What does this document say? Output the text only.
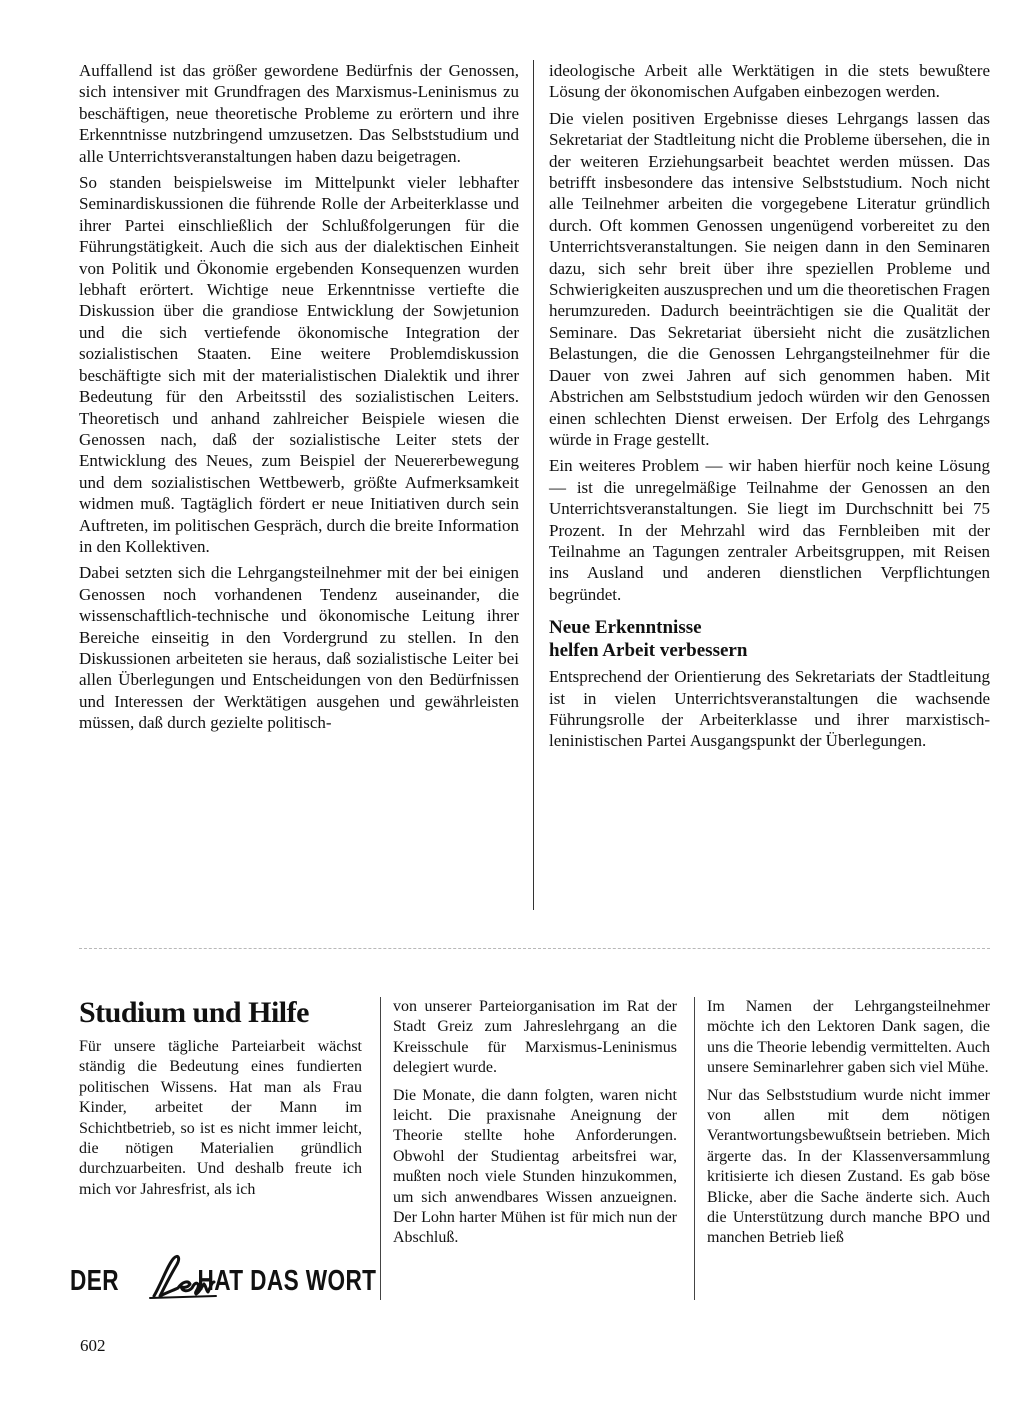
Auffallend ist das größer gewordene Bedürfnis der Genossen, sich intensiver mit Grundfragen des Marxismus-Leninismus zu beschäftigen, neue theoretische Probleme zu erörtern und ihre Erkenntnisse nutzbringend umzusetzen. Das Selbststudium und alle Unterrichtsveranstaltungen haben dazu beigetragen.

So standen beispielsweise im Mittelpunkt vieler lebhafter Seminardiskussionen die führende Rolle der Arbeiterklasse und ihrer Partei einschließlich der Schlußfolgerungen für die Führungstätigkeit. Auch die sich aus der dialektischen Einheit von Politik und Ökonomie ergebenden Konsequenzen wurden lebhaft erörtert. Wichtige neue Erkenntnisse vertiefte die Diskussion über die grandiose Entwicklung der Sowjetunion und die sich vertiefende ökonomische Integration der sozialistischen Staaten. Eine weitere Problemdiskussion beschäftigte sich mit der materialistischen Dialektik und ihrer Bedeutung für den Arbeitsstil des sozialistischen Leiters. Theoretisch und anhand zahlreicher Beispiele wiesen die Genossen nach, daß der sozialistische Leiter stets der Entwicklung des Neues, zum Beispiel der Neuererbewegung und dem sozialistischen Wettbewerb, größte Aufmerksamkeit widmen muß. Tagtäglich fördert er neue Initiativen durch sein Auftreten, im politischen Gespräch, durch die breite Information in den Kollektiven.

Dabei setzten sich die Lehrgangsteilnehmer mit der bei einigen Genossen noch vorhandenen Tendenz auseinander, die wissenschaftlich-technische und ökonomische Leitung ihrer Bereiche einseitig in den Vordergrund zu stellen. In den Diskussionen arbeiteten sie heraus, daß sozialistische Leiter bei allen Überlegungen und Entscheidungen von den Bedürfnissen und Interessen der Werktätigen ausgehen und gewährleisten müssen, daß durch gezielte politisch-

ideologische Arbeit alle Werktätigen in die stets bewußtere Lösung der ökonomischen Aufgaben einbezogen werden.

Die vielen positiven Ergebnisse dieses Lehrgangs lassen das Sekretariat der Stadtleitung nicht die Probleme übersehen, die in der weiteren Erziehungsarbeit beachtet werden müssen. Das betrifft insbesondere das intensive Selbststudium. Noch nicht alle Teilnehmer arbeiten die vorgegebene Literatur gründlich durch. Oft kommen Genossen ungenügend vorbereitet zu den Unterrichtsveranstaltungen. Sie neigen dann in den Seminaren dazu, sich sehr breit über ihre speziellen Probleme und Schwierigkeiten auszusprechen und um die theoretischen Fragen herumzureden. Dadurch beeinträchtigen sie die Qualität der Seminare. Das Sekretariat übersieht nicht die zusätzlichen Belastungen, die die Genossen Lehrgangsteilnehmer für die Dauer von zwei Jahren auf sich genommen haben. Mit Abstrichen am Selbststudium jedoch würden wir den Genossen einen schlechten Dienst erweisen. Der Erfolg des Lehrgangs würde in Frage gestellt.

Ein weiteres Problem — wir haben hierfür noch keine Lösung — ist die unregelmäßige Teilnahme der Genossen an den Unterrichtsveranstaltungen. Sie liegt im Durchschnitt bei 75 Prozent. In der Mehrzahl wird das Fernbleiben mit der Teilnahme an Tagungen zentraler Arbeitsgruppen, mit Reisen ins Ausland und anderen dienstlichen Verpflichtungen begründet.

Neue Erkenntnisse
helfen Arbeit verbessern

Entsprechend der Orientierung des Sekretariats der Stadtleitung ist in vielen Unterrichtsveranstaltungen die wachsende Führungsrolle der Arbeiterklasse und ihrer marxistisch-leninistischen Partei Ausgangspunkt der Überlegungen.

Studium und Hilfe

Für unsere tägliche Parteiarbeit wächst ständig die Bedeutung eines fundierten politischen Wissens. Hat man als Frau Kinder, arbeitet der Mann im Schichtbetrieb, so ist es nicht immer leicht, die nötigen Materialien gründlich durchzuarbeiten. Und deshalb freute ich mich vor Jahresfrist, als ich

von unserer Parteiorganisation im Rat der Stadt Greiz zum Jahreslehrgang an die Kreisschule für Marxismus-Leninismus delegiert wurde.

Die Monate, die dann folgten, waren nicht leicht. Die praxisnahe Aneignung der Theorie stellte hohe Anforderungen. Obwohl der Studientag arbeitsfrei war, mußten noch viele Stunden hinzukommen, um sich anwendbares Wissen anzueignen. Der Lohn harter Mühen ist für mich nun der Abschluß.

Im Namen der Lehrgangsteilnehmer möchte ich den Lektoren Dank sagen, die uns die Theorie lebendig vermittelten. Auch unsere Seminarlehrer gaben sich viel Mühe.

Nur das Selbststudium wurde nicht immer von allen mit dem nötigen Verantwortungsbewußtsein betrieben. Mich ärgerte das. In der Klassenversammlung kritisierte ich diesen Zustand. Es gab böse Blicke, aber die Sache änderte sich. Auch die Unterstützung durch manche BPO und manchen Betrieb ließ

DER	HAT DAS WORT
602
